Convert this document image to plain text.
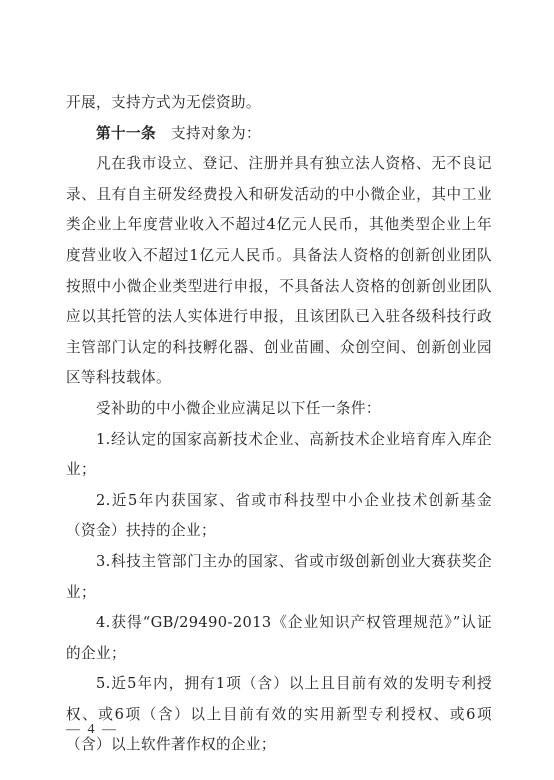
开展，支持方式为无偿资助。

第十一条  支持对象为：

凡在我市设立、登记、注册并具有独立法人资格、无不良记录、且有自主研发经费投入和研发活动的中小微企业，其中工业类企业上年度营业收入不超过4亿元人民币，其他类型企业上年度营业收入不超过1亿元人民币。具备法人资格的创新创业团队按照中小微企业类型进行申报，不具备法人资格的创新创业团队应以其托管的法人实体进行申报，且该团队已入驻各级科技行政主管部门认定的科技孵化器、创业苗圃、众创空间、创新创业园区等科技载体。

受补助的中小微企业应满足以下任一条件：

1.经认定的国家高新技术企业、高新技术企业培育库入库企业；

2.近5年内获国家、省或市科技型中小企业技术创新基金（资金）扶持的企业；

3.科技主管部门主办的国家、省或市级创新创业大赛获奖企业；

4.获得“GB/29490-2013《企业知识产权管理规范》”认证的企业；

5.近5年内，拥有1项（含）以上且目前有效的发明专利授权、或6项（含）以上目前有效的实用新型专利授权、或6项（含）以上软件著作权的企业；

— 4 —
